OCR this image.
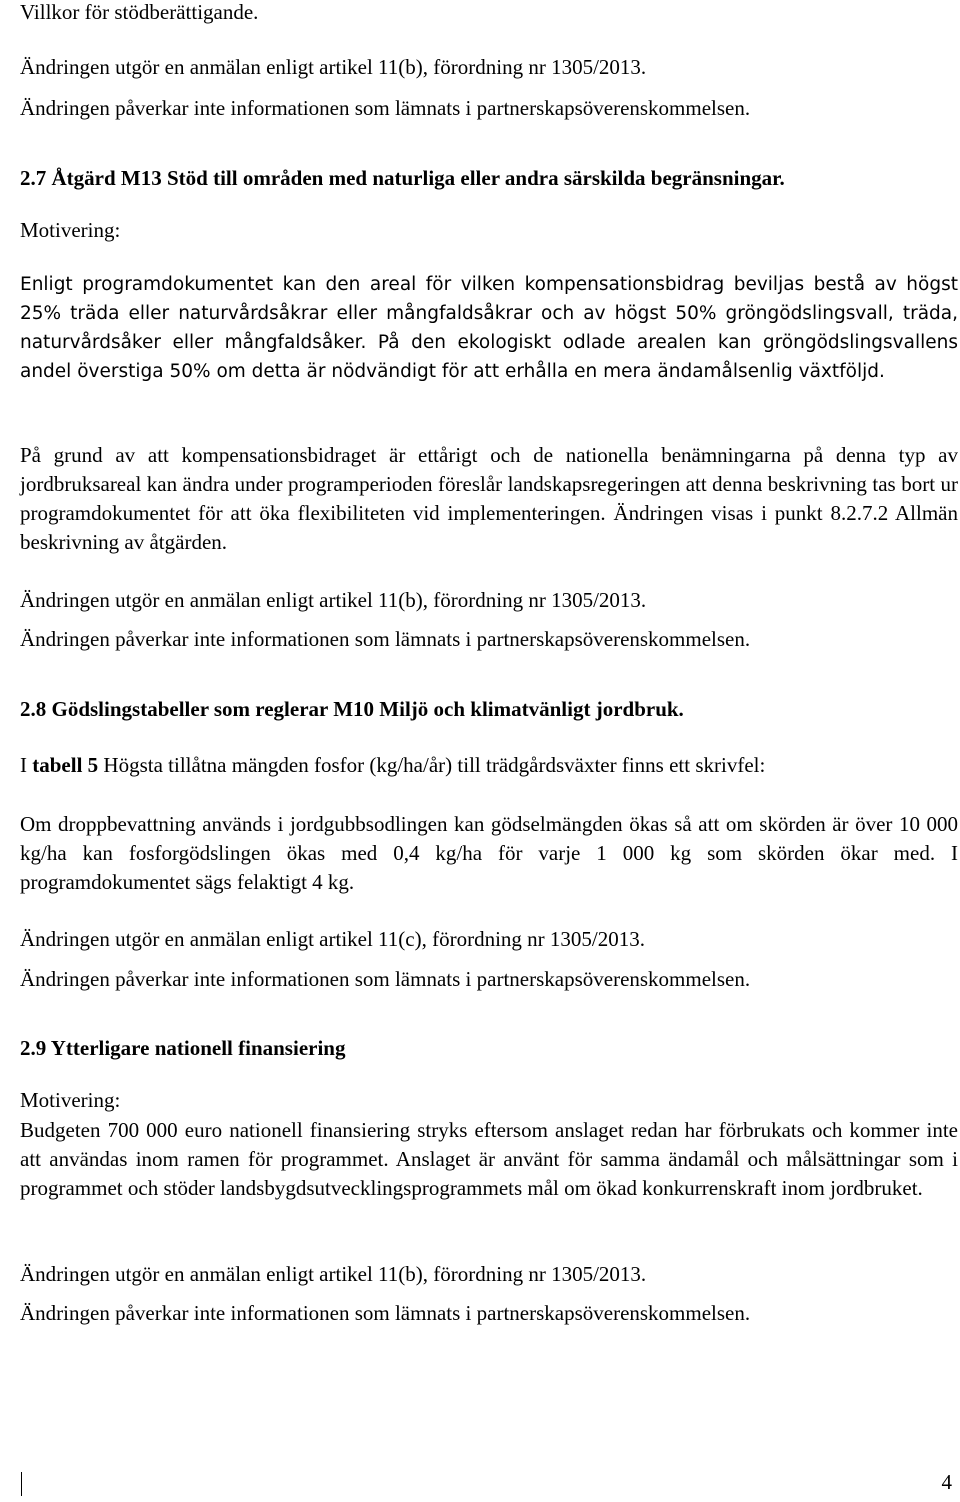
Villkor för stödberättigande.

Ändringen utgör en anmälan enligt artikel 11(b), förordning nr 1305/2013.

Ändringen påverkar inte informationen som lämnats i partnerskapsöverenskommelsen.

2.7 Åtgärd M13 Stöd till områden med naturliga eller andra särskilda begränsningar.

Motivering:

Enligt programdokumentet kan den areal för vilken kompensationsbidrag beviljas bestå av högst 25% träda eller naturvårdsåkrar eller mångfaldsåkrar och av högst 50% gröngödslingsvall, träda, naturvårdsåker eller mångfaldsåker. På den ekologiskt odlade arealen kan gröngödslingsvallens andel överstiga 50% om detta är nödvändigt för att erhålla en mera ändamålsenlig växtföljd.

På grund av att kompensationsbidraget är ettårigt och de nationella benämningarna på denna typ av jordbruksareal kan ändra under programperioden föreslår landskapsregeringen att denna beskrivning tas bort ur programdokumentet för att öka flexibiliteten vid implementeringen. Ändringen visas i punkt 8.2.7.2 Allmän beskrivning av åtgärden.

Ändringen utgör en anmälan enligt artikel 11(b), förordning nr 1305/2013.

Ändringen påverkar inte informationen som lämnats i partnerskapsöverenskommelsen.

2.8 Gödslingstabeller som reglerar M10 Miljö och klimatvänligt jordbruk.

I tabell 5 Högsta tillåtna mängden fosfor (kg/ha/år) till trädgårdsväxter finns ett skrivfel:

Om droppbevattning används i jordgubbsodlingen kan gödselmängden ökas så att om skörden är över 10 000 kg/ha kan fosforgödslingen ökas med 0,4 kg/ha för varje 1 000 kg som skörden ökar med. I programdokumentet sägs felaktigt 4 kg.

Ändringen utgör en anmälan enligt artikel 11(c), förordning nr 1305/2013.

Ändringen påverkar inte informationen som lämnats i partnerskapsöverenskommelsen.

2.9 Ytterligare nationell finansiering

Motivering:

Budgeten 700 000 euro nationell finansiering stryks eftersom anslaget redan har förbrukats och kommer inte att användas inom ramen för programmet. Anslaget är använt för samma ändamål och målsättningar som i programmet och stöder landsbygdsutvecklingsprogrammets mål om ökad konkurrenskraft inom jordbruket.

Ändringen utgör en anmälan enligt artikel 11(b), förordning nr 1305/2013.

Ändringen påverkar inte informationen som lämnats i partnerskapsöverenskommelsen.

4
